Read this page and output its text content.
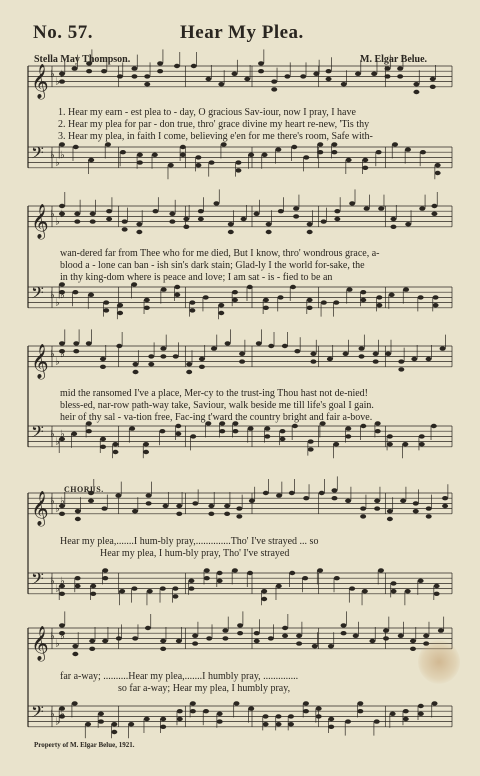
𝄞 ♭
♭
♭
𝄢 ♭
♭
♭
𝄞 ♭
♭
♭
𝄢 ♭
♭
♭
𝄞 ♭
♭
♭
𝄢 ♭
♭
♭
𝄞 ♭
♭
♭
𝄢 ♭
♭
♭
𝄞 ♭
♭
♭
𝄢 ♭
♭
♭
No. 57.	Hear My Plea.
Stella May Thompson.	M. Elgar Belue.
1. Hear my earn - est plea to - day, O gracious Sav-iour, now I pray, I have
2. Hear my plea for par - don true, thro' grace divine my heart re-new, 'Tis thy
3. Hear my plea, in faith I come, believing e'en for me there's room, Safe with-
wan-dered far from Thee who for me died, But I know, thro' wondrous grace, a-
blood a - lone can ban - ish sin's dark stain; Glad-ly I the world for-sake, the
in thy king-dom where is peace and love; I am sat - is - fied to be an
mid the ransomed I've a place, Mer-cy to the trust-ing Thou hast not de-nied!
bless-ed, nar-row path-way take, Saviour, walk beside me till life's goal I gain.
heir of thy sal - va-tion free, Fac-ing t'ward the country bright and fair a-bove.
CHORUS.
Hear my plea,.......I hum-bly pray,..............Tho' I've strayed ... so
Hear my plea, I hum-bly pray, Tho' I've strayed
far a-way; ..........Hear my plea,.......I humbly pray, ..............
so far a-way; Hear my plea, I humbly pray,
Property of M. Elgar Belue, 1921.
